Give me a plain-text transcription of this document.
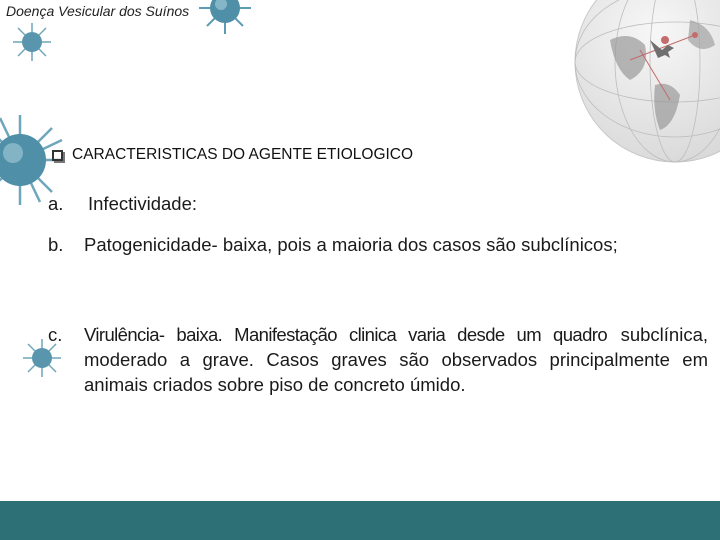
Doença Vesicular dos Suínos
CARACTERISTICAS DO AGENTE ETIOLOGICO
a. Infectividade:
b. Patogenicidade- baixa, pois a maioria dos casos são subclínicos;
c. Virulência- baixa. Manifestação clinica varia desde um quadro subclínica, moderado a grave. Casos graves são observados principalmente em animais criados sobre piso de concreto úmido.
